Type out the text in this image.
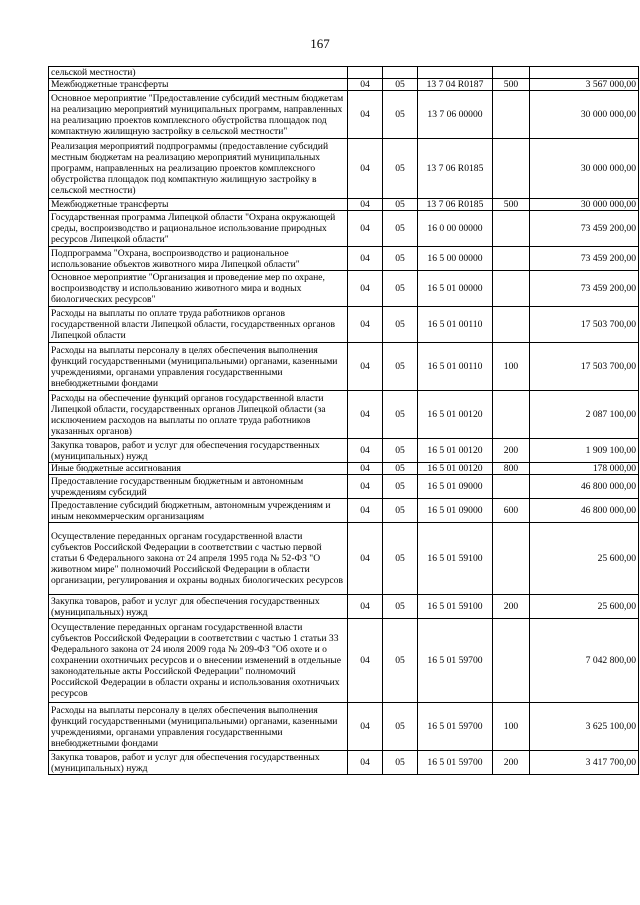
167
сельской местности)					
Межбюджетные трансферты	04	05	13 7 04 R0187	500	3 567 000,00
Основное мероприятие "Предоставление субсидий местным бюджетам на реализацию мероприятий муниципальных программ, направленных на реализацию проектов комплексного обустройства площадок под компактную жилищную застройку в сельской местности"	04	05	13 7 06 00000		30 000 000,00
Реализация мероприятий подпрограммы (предоставление субсидий местным бюджетам на реализацию мероприятий муниципальных программ, направленных на реализацию проектов комплексного обустройства площадок под компактную жилищную застройку в сельской местности)	04	05	13 7 06 R0185		30 000 000,00
Межбюджетные трансферты	04	05	13 7 06 R0185	500	30 000 000,00
Государственная программа Липецкой области "Охрана окружающей среды, воспроизводство и рациональное использование природных ресурсов Липецкой области"	04	05	16 0 00 00000		73 459 200,00
Подпрограмма "Охрана, воспроизводство и рациональное использование объектов животного мира Липецкой области"	04	05	16 5 00 00000		73 459 200,00
Основное мероприятие "Организация и проведение мер по охране, воспроизводству и использованию животного мира и водных биологических ресурсов"	04	05	16 5 01 00000		73 459 200,00
Расходы на выплаты по оплате труда работников органов государственной власти Липецкой области, государственных органов Липецкой области	04	05	16 5 01 00110		17 503 700,00
Расходы на выплаты персоналу в целях обеспечения выполнения функций государственными (муниципальными) органами, казенными учреждениями, органами управления государственными внебюджетными фондами	04	05	16 5 01 00110	100	17 503 700,00
Расходы на обеспечение функций органов государственной власти Липецкой области, государственных органов Липецкой области (за исключением расходов на выплаты по оплате труда работников указанных органов)	04	05	16 5 01 00120		2 087 100,00
Закупка товаров, работ и услуг для обеспечения государственных (муниципальных) нужд	04	05	16 5 01 00120	200	1 909 100,00
Иные бюджетные ассигнования	04	05	16 5 01 00120	800	178 000,00
Предоставление государственным бюджетным и автономным учреждениям субсидий	04	05	16 5 01 09000		46 800 000,00
Предоставление субсидий бюджетным, автономным учреждениям и иным некоммерческим организациям	04	05	16 5 01 09000	600	46 800 000,00
Осуществление переданных органам государственной власти субъектов Российской Федерации в соответствии с частью первой статьи 6 Федерального закона от 24 апреля 1995 года № 52-ФЗ "О животном мире" полномочий Российской Федерации в области организации, регулирования и охраны водных биологических ресурсов	04	05	16 5 01 59100		25 600,00
Закупка товаров, работ и услуг для обеспечения государственных (муниципальных) нужд	04	05	16 5 01 59100	200	25 600,00
Осуществление переданных органам государственной власти субъектов Российской Федерации в соответствии с частью 1 статьи 33 Федерального закона от 24 июля 2009 года № 209-ФЗ "Об охоте и о сохранении охотничьих ресурсов и о внесении изменений в отдельные законодательные акты Российской Федерации" полномочий Российской Федерации в области охраны и использования охотничьих ресурсов	04	05	16 5 01 59700		7 042 800,00
Расходы на выплаты персоналу в целях обеспечения выполнения функций государственными (муниципальными) органами, казенными учреждениями, органами управления государственными внебюджетными фондами	04	05	16 5 01 59700	100	3 625 100,00
Закупка товаров, работ и услуг для обеспечения государственных (муниципальных) нужд	04	05	16 5 01 59700	200	3 417 700,00
